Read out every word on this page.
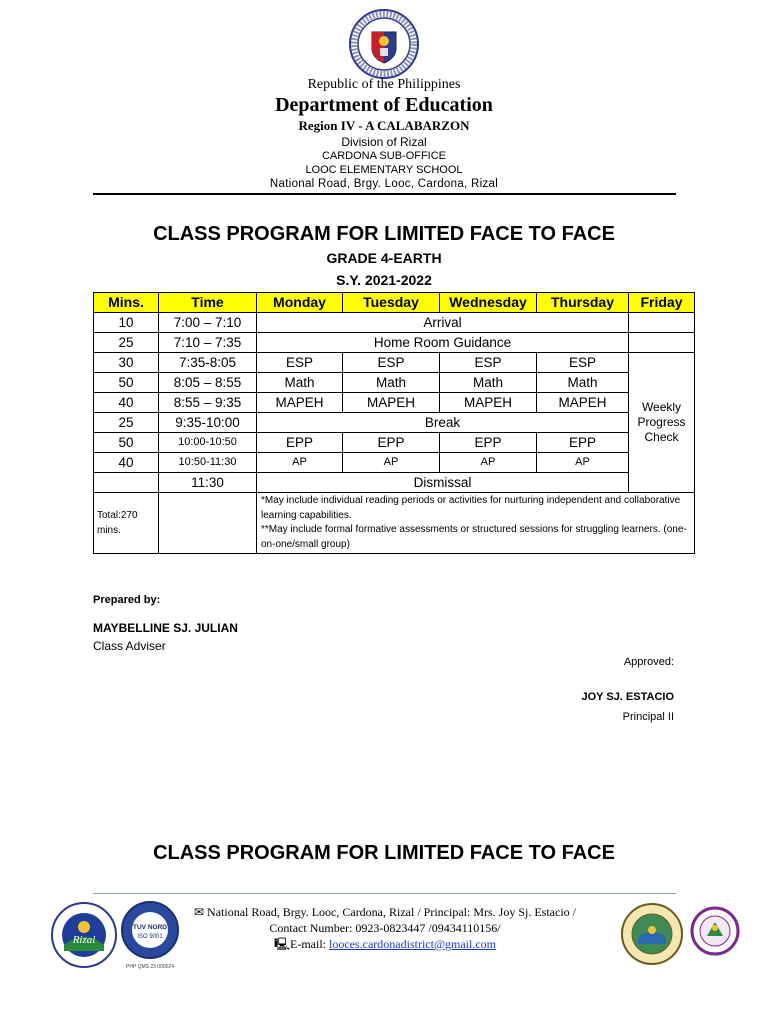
Republic of the Philippines
Department of Education
Region IV - A CALABARZON
Division of Rizal
CARDONA SUB-OFFICE
LOOC ELEMENTARY SCHOOL
National Road, Brgy. Looc, Cardona, Rizal
CLASS PROGRAM FOR LIMITED FACE TO FACE
GRADE 4-EARTH
S.Y. 2021-2022
Mins.	Time	Monday	Tuesday	Wednesday	Thursday	Friday
10	7:00 – 7:10	Arrival				
25	7:10 – 7:35	Home Room Guidance				
30	7:35-8:05	ESP	ESP	ESP	ESP	Weekly Progress Check
50	8:05 – 8:55	Math	Math	Math	Math	
40	8:55 – 9:35	MAPEH	MAPEH	MAPEH	MAPEH	
25	9:35-10:00	Break				
50	10:00-10:50	EPP	EPP	EPP	EPP	
40	10:50-11:30	AP	AP	AP	AP	
	11:30	Dismissal				
Total:270 mins.		*May include individual reading periods or activities for nurturing independent and collaborative learning capabilities.
**May include formal formative assessments or structured sessions for struggling learners. (one-on-one/small group)				
Prepared by:
MAYBELLINE SJ. JULIAN
Class Adviser
Approved:
JOY SJ. ESTACIO
Principal II
CLASS PROGRAM FOR LIMITED FACE TO FACE
Rizal
TUV NORD
ISO 9001
PHP QMS 23 000024
✉ National Road, Brgy. Looc, Cardona, Rizal / Principal: Mrs. Joy Sj. Estacio /
Contact Number: 0923-0823447 /09434110156/
🖳E-mail: looces.cardonadistrict@gmail.com
